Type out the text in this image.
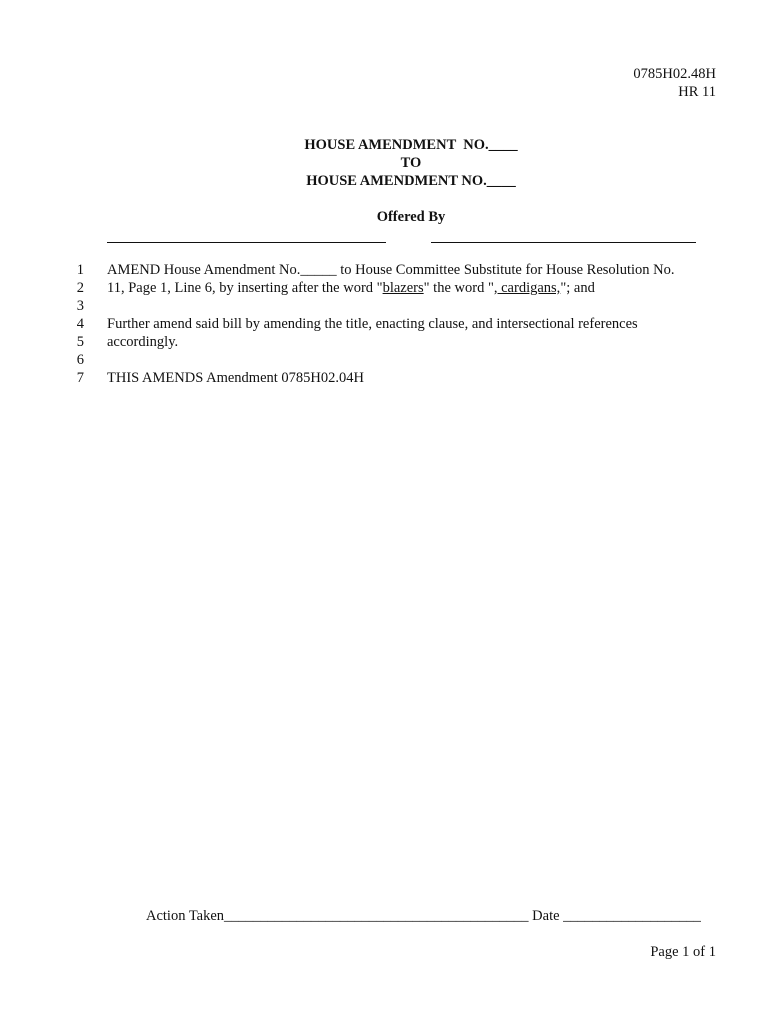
0785H02.48H
HR 11
HOUSE AMENDMENT  NO.____
TO
HOUSE AMENDMENT NO.____
Offered By
1 AMEND House Amendment No._____ to House Committee Substitute for House Resolution No.
2 11, Page 1, Line 6, by inserting after the word "blazers" the word ", cardigans,"; and
3
4 Further amend said bill by amending the title, enacting clause, and intersectional references
5 accordingly.
6
7 THIS AMENDS Amendment 0785H02.04H
Action Taken__________________________________________ Date ___________________
Page 1 of 1
